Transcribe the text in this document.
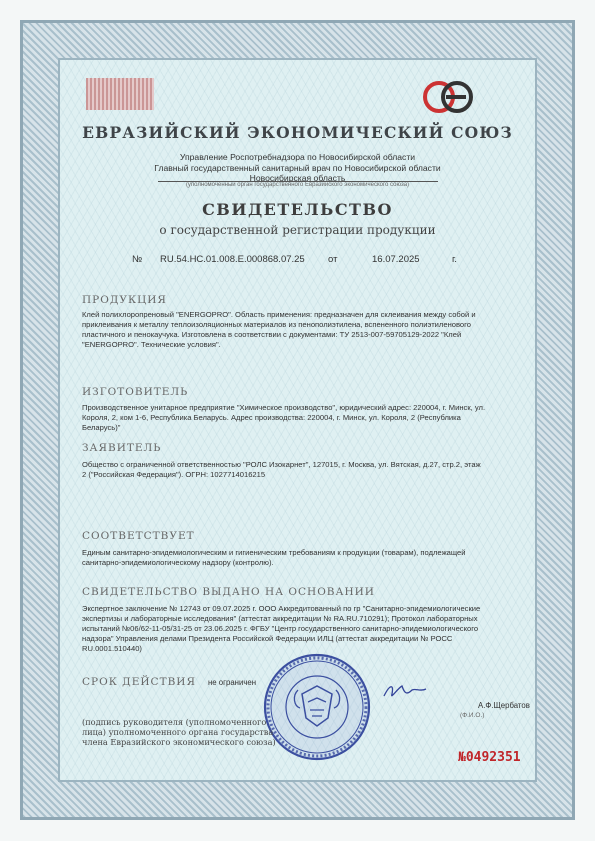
ЕВРАЗИЙСКИЙ ЭКОНОМИЧЕСКИЙ СОЮЗ
Управление Роспотребнадзора по Новосибирской области
Главный государственный санитарный врач по Новосибирской области
Новосибирская область
(уполномоченный орган государственного Евразийского экономического союза)
СВИДЕТЕЛЬСТВО
о государственной регистрации продукции
№ RU.54.НС.01.008.Е.000868.07.25 от	16.07.2025	г.
ПРОДУКЦИЯ
Клей полихлоропреновый "ENERGOPRO". Область применения: предназначен для склеивания между собой и
приклеивания к металлу теплоизоляционных материалов из пенополиэтилена, вспененного полиэтиленового
пластичного и пенокаучука. Изготовлена в соответствии с документами: ТУ 2513-007-59705129-2022 "Клей
"ENERGOPRO". Технические условия".
ИЗГОТОВИТЕЛЬ
Производственное унитарное предприятие "Химическое производство", юридический адрес: 220004, г. Минск, ул.
Короля, 2, ком 1-6, Республика Беларусь. Адрес производства: 220004, г. Минск, ул. Короля, 2 (Республика
Беларусь)"
ЗАЯВИТЕЛЬ
Общество с ограниченной ответственностью "РОЛС Изокарнет", 127015, г. Москва, ул. Вятская, д.27, стр.2, этаж
2 ("Российская Федерация"). ОГРН: 1027714016215
СООТВЕТСТВУЕТ
Единым санитарно-эпидемиологическим и гигиеническим требованиям к продукции (товарам), подлежащей
санитарно-эпидемиологическому надзору (контролю).
СВИДЕТЕЛЬСТВО ВЫДАНО НА ОСНОВАНИИ
Экспертное заключение № 12743 от 09.07.2025 г. ООО Аккредитованный по гр "Санитарно-эпидемиологические
экспертизы и лабораторные исследования" (аттестат аккредитации № RA.RU.710291); Протокол лабораторных
испытаний №06/62-11-05/31-25 от 23.06.2025 г. ФГБУ "Центр государственного санитарно-эпидемиологического
надзора" Управления делами Президента Российской Федерации ИЛЦ (аттестат аккредитации № РОСС
RU.0001.510440)
СРОК ДЕЙСТВИЯ не ограничен
А.Ф.Щербатов
(Ф.И.О.)
(подпись руководителя (уполномоченного
лица) уполномоченного органа государства
члена Евразийского экономического союза)
№0492351
